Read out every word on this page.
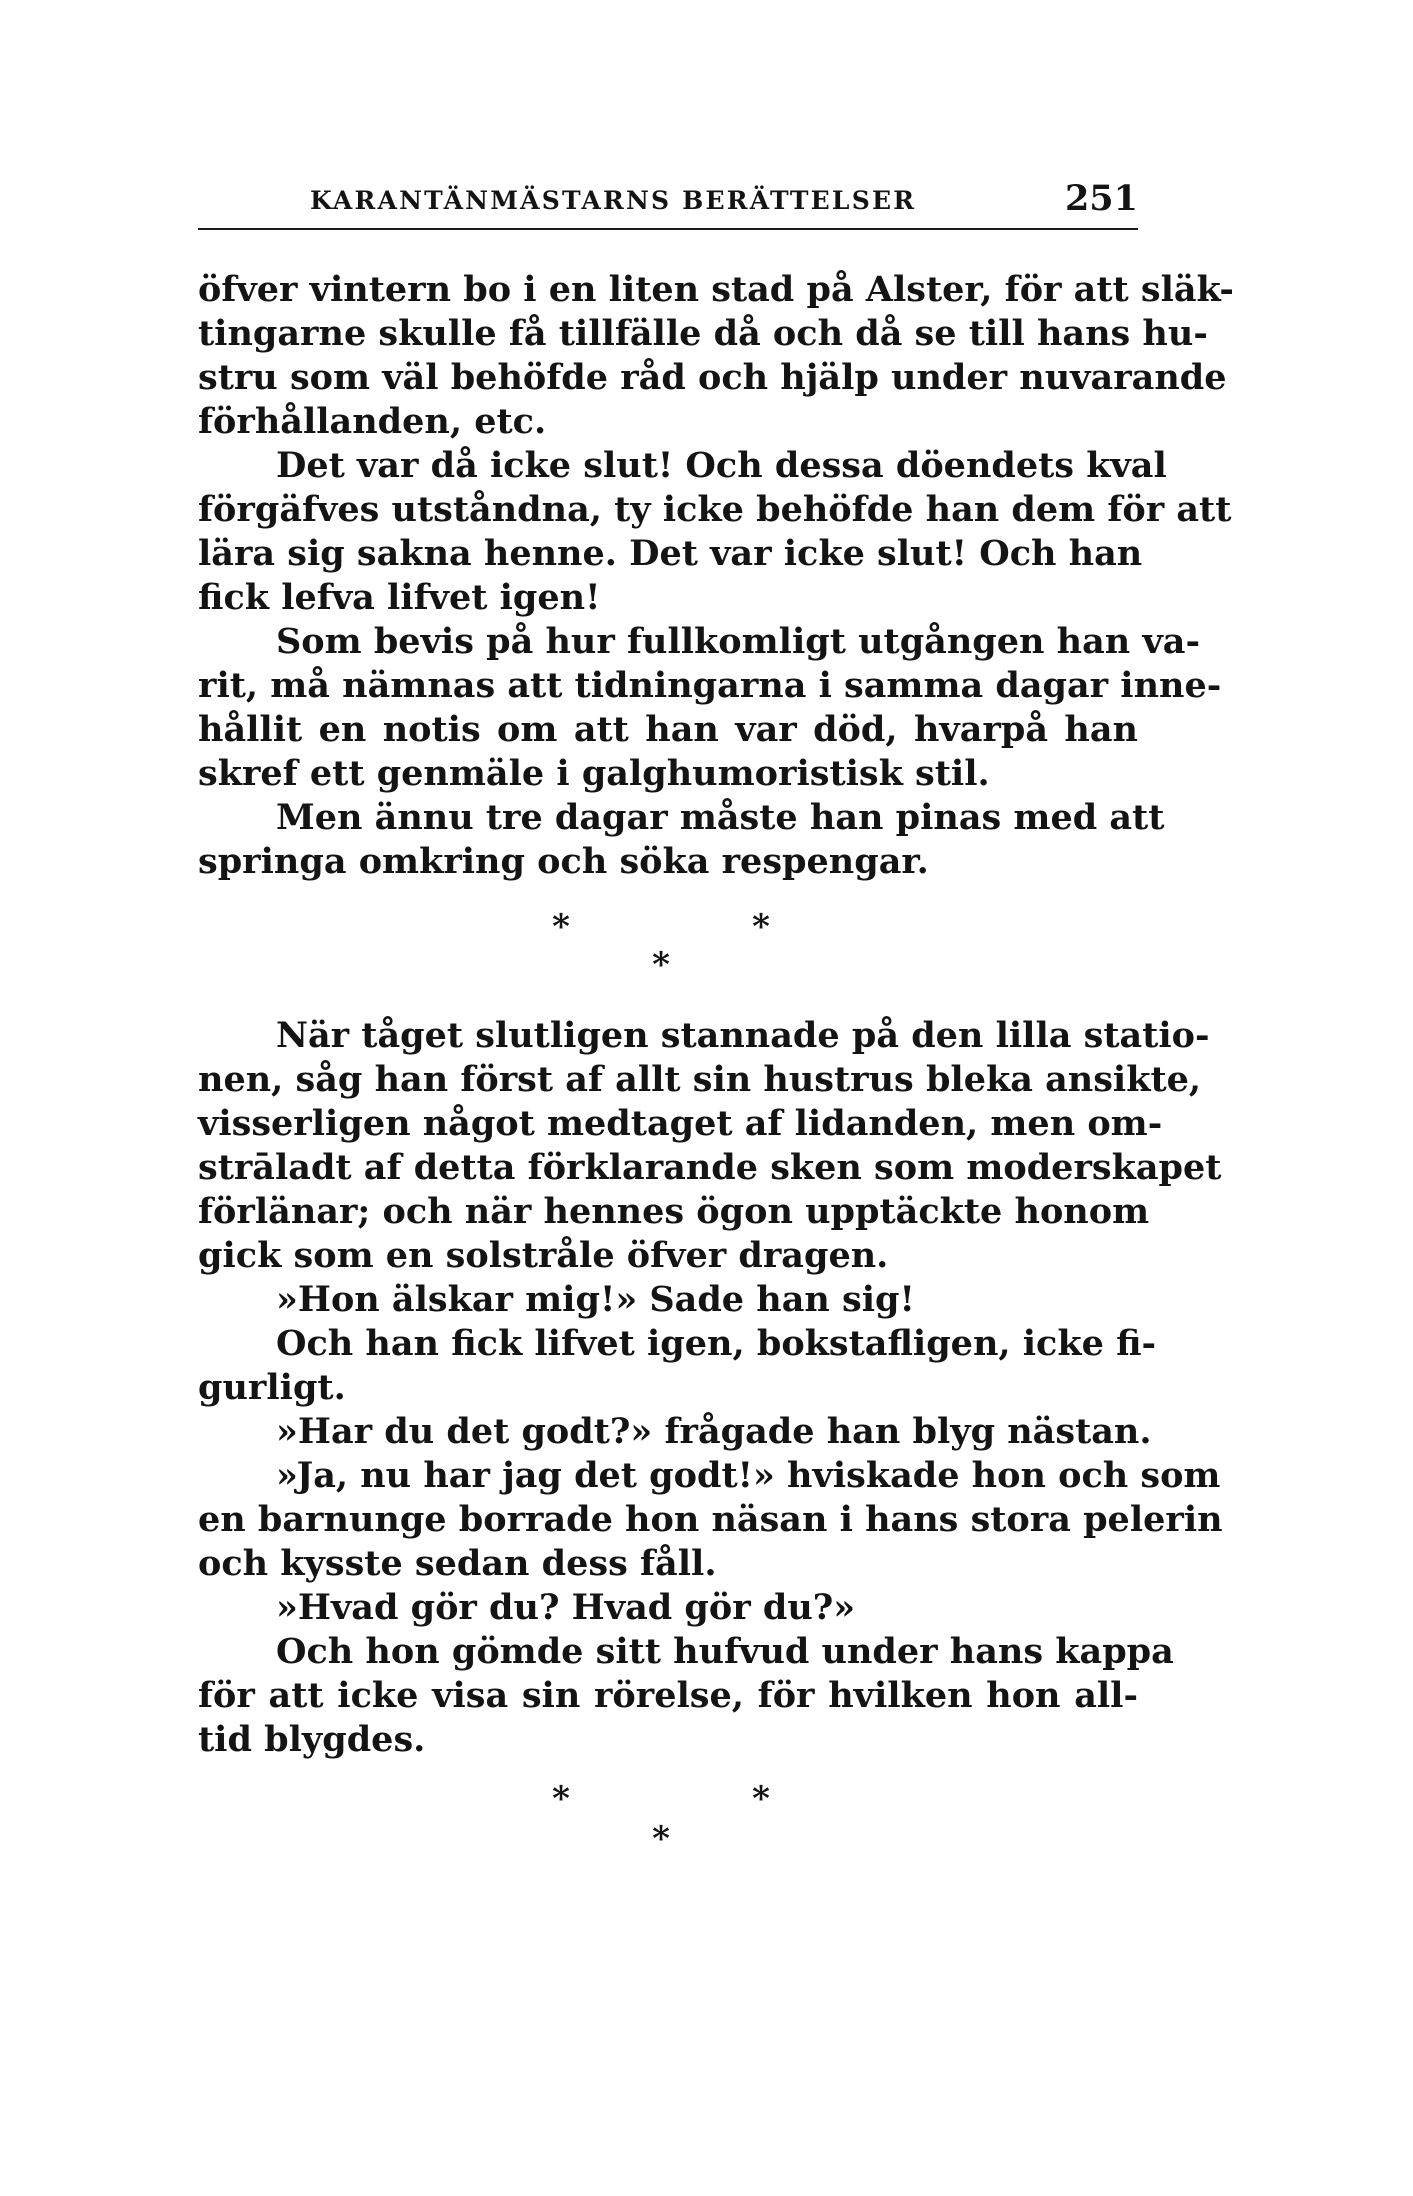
KARANTÄNMÄSTARNS BERÄTTELSER	251
öfver vintern bo i en liten stad på Alster, för att släk-
tingarne skulle få tillfälle då och då se till hans hu-
stru som väl behöfde råd och hjälp under nuvarande
förhållanden, etc.
Det var då icke slut! Och dessa döendets kval
förgäfves utståndna, ty icke behöfde han dem för att
lära sig sakna henne. Det var icke slut! Och han
fick lefva lifvet igen!
Som bevis på hur fullkomligt utgången han va-
rit, må nämnas att tidningarna i samma dagar inne-
hållit en notis om att han var död, hvarpå han
skref ett genmäle i galghumoristisk stil.
Men ännu tre dagar måste han pinas med att
springa omkring och söka respengar.
*	*
*
När tåget slutligen stannade på den lilla statio-
nen, såg han först af allt sin hustrus bleka ansikte,
visserligen något medtaget af lidanden, men om-
strāladt af detta förklarande sken som moderskapet
förlänar; och när hennes ögon upptäckte honom
gick som en solstråle öfver dragen.
»Hon älskar mig!» Sade han sig!
Och han fick lifvet igen, bokstafligen, icke fi-
gurligt.
»Har du det godt?» frågade han blyg nästan.
»Ja, nu har jag det godt!» hviskade hon och som
en barnunge borrade hon näsan i hans stora pelerin
och kysste sedan dess fåll.
»Hvad gör du? Hvad gör du?»
Och hon gömde sitt hufvud under hans kappa
för att icke visa sin rörelse, för hvilken hon all-
tid blygdes.
*	*
*
